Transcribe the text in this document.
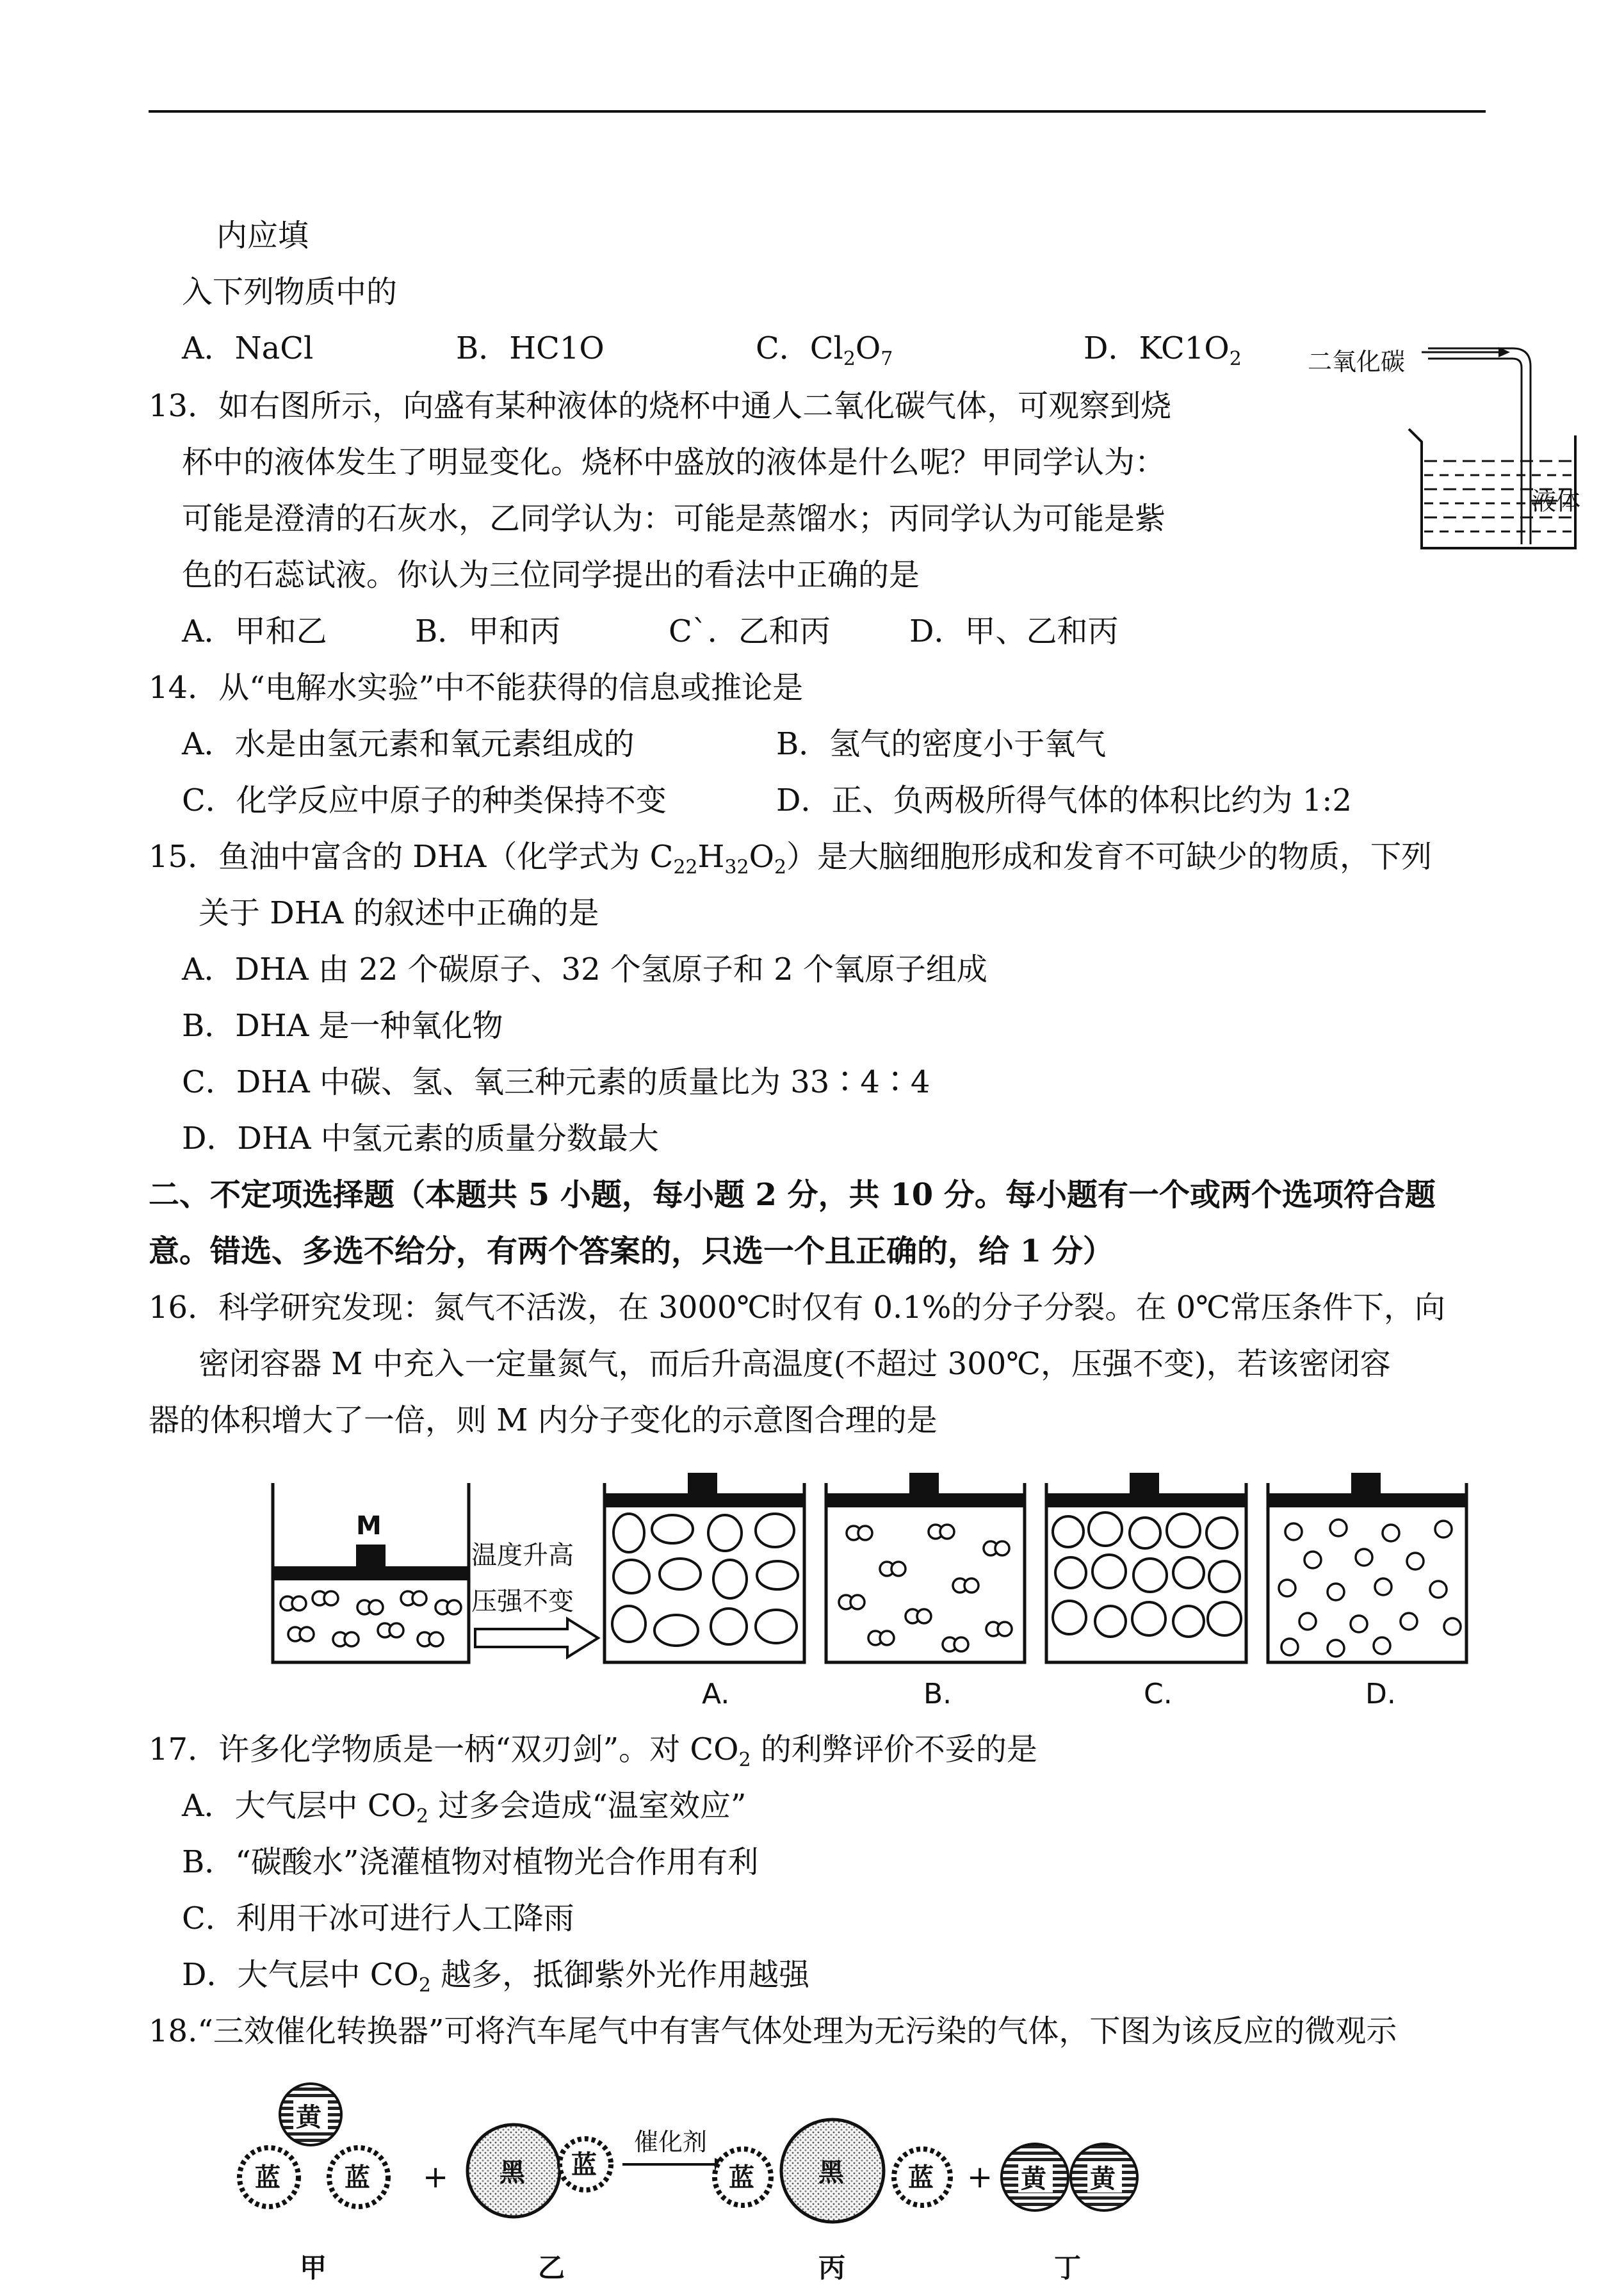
内应填
入下列物质中的
A．NaCl	B．HC1O	C．$Cl_2O_7$	D．$KC1O_2$
13．如右图所示，向盛有某种液体的烧杯中通人二氧化碳气体，可观察到烧
杯中的液体发生了明显变化。烧杯中盛放的液体是什么呢？甲同学认为：
可能是澄清的石灰水，乙同学认为：可能是蒸馏水；丙同学认为可能是紫
色的石蕊试液。你认为三位同学提出的看法中正确的是
A．甲和乙	B．甲和丙	C`．乙和丙	D．甲、乙和丙
二氧化碳
液体
14．从“电解水实验”中不能获得的信息或推论是
A．水是由氢元素和氧元素组成的	B．氢气的密度小于氧气
C．化学反应中原子的种类保持不变	D．正、负两极所得气体的体积比约为 1:2
15．鱼油中富含的 DHA（化学式为 $C_{22}H_{32}O_2$）是大脑细胞形成和发育不可缺少的物质，下列
关于 DHA 的叙述中正确的是
A．DHA 由 22 个碳原子、32 个氢原子和 2 个氧原子组成
B．DHA 是一种氧化物
C．DHA 中碳、氢、氧三种元素的质量比为 33∶4∶4
D．DHA 中氢元素的质量分数最大
二、不定项选择题（本题共 5 小题，每小题 2 分，共 10 分。每小题有一个或两个选项符合题
意。错选、多选不给分，有两个答案的，只选一个且正确的，给 1 分）
16．科学研究发现：氮气不活泼，在 3000℃时仅有 0.1%的分子分裂。在 0℃常压条件下，向
密闭容器 M 中充入一定量氮气，而后升高温度(不超过 300℃，压强不变)，若该密闭容
器的体积增大了一倍，则 M 内分子变化的示意图合理的是
M
温度升高
压强不变
A.	B.	C.	D.
17．许多化学物质是一柄“双刃剑”。对 $CO_2$ 的利弊评价不妥的是
A．大气层中 $CO_2$ 过多会造成“温室效应”
B．“碳酸水”浇灌植物对植物光合作用有利
C．利用干冰可进行人工降雨
D．大气层中 $CO_2$ 越多，抵御紫外光作用越强
18.“三效催化转换器”可将汽车尾气中有害气体处理为无污染的气体，下图为该反应的微观示
黄
蓝	蓝 + 黑 蓝
催化剂
蓝	黑	蓝 + 黄 黄
甲	乙	丙	丁
